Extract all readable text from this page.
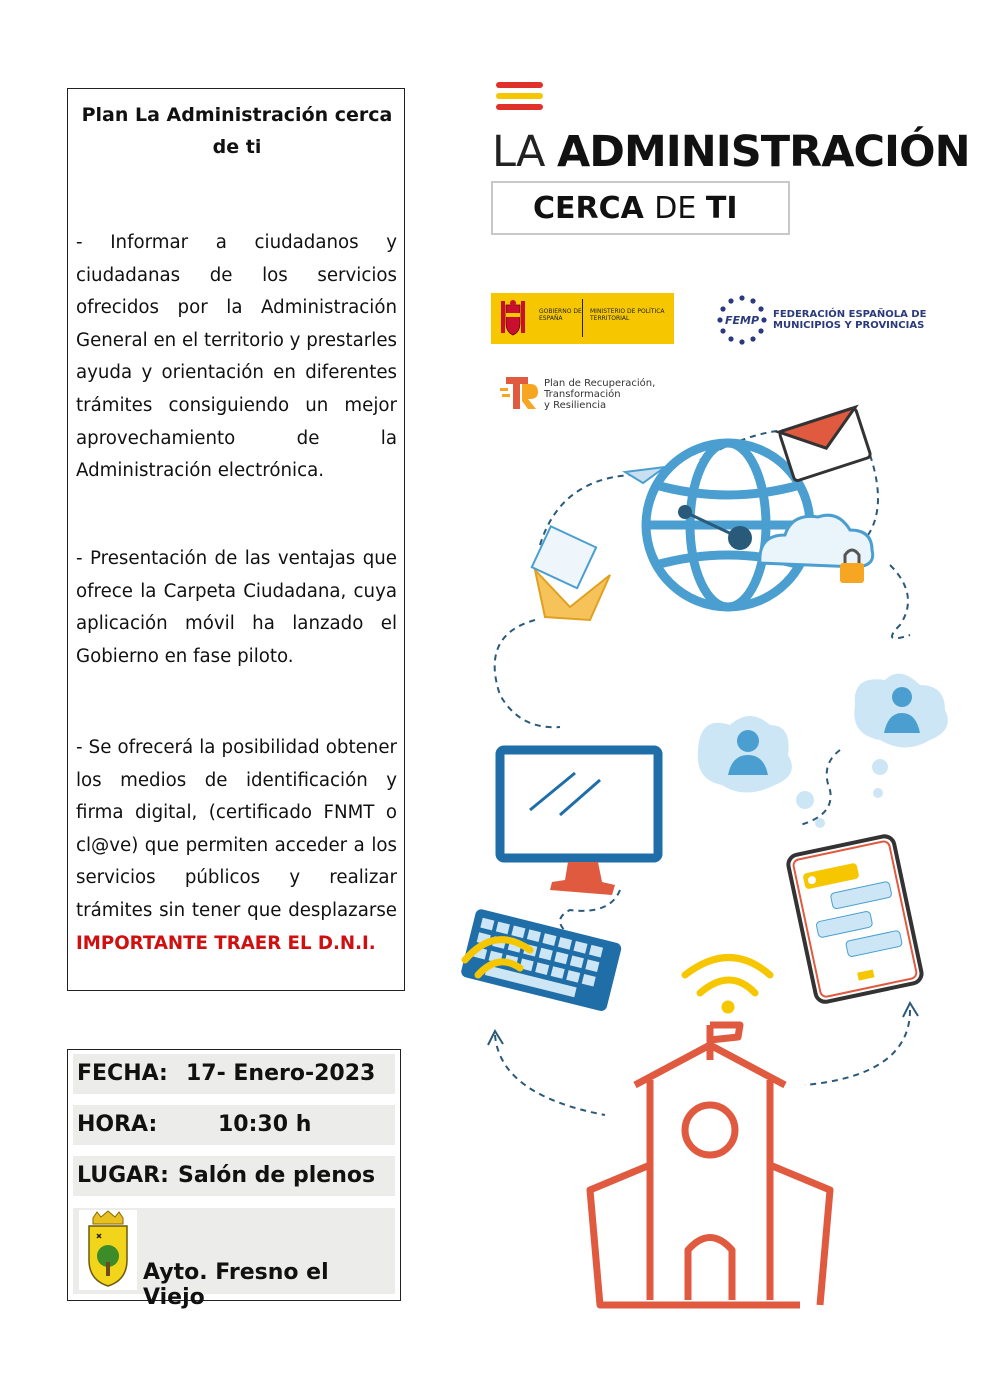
Plan La Administración cerca de ti
- Informar a ciudadanos y ciudadanas de los servicios ofrecidos por la Administración General en el territorio y prestarles ayuda y orientación en diferentes trámites consiguiendo un mejor aprovechamiento de la Administración electrónica.
- Presentación de las ventajas que ofrece la Carpeta Ciudadana, cuya aplicación móvil ha lanzado el Gobierno en fase piloto.
- Se ofrecerá la posibilidad obtener los medios de identificación y firma digital, (certificado FNMT o cl@ve) que permiten acceder a los servicios públicos y realizar trámites sin tener que desplazarse IMPORTANTE TRAER EL D.N.I.
FECHA: 17- Enero-2023
HORA:	10:30 h
LUGAR: Salón de plenos
Ayto. Fresno el Viejo
LA ADMINISTRACIÓN
CERCA DE TI
GOBIERNO DE ESPAÑA
MINISTERIO DE POLÍTICA TERRITORIAL	FEMP FEDERACIÓN ESPAÑOLA DE
MUNICIPIOS Y PROVINCIAS
Plan de Recuperación,
Transformación
y Resiliencia
